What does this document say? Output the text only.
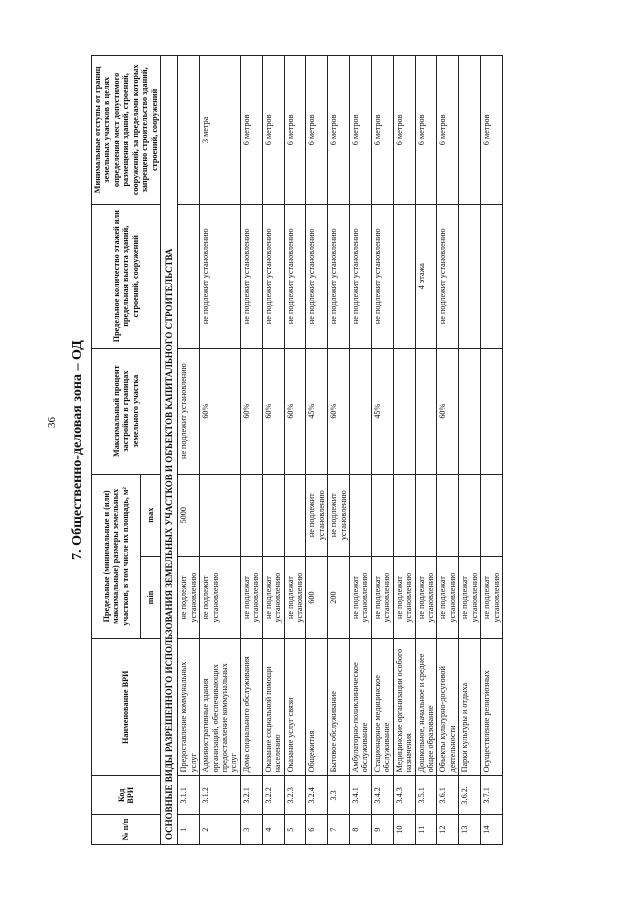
36 7. Общественно-деловая зона – ОД
№ п/п	Код ВРИ	Наименование ВРИ	Предельные (минимальные и (или) максимальные) размеры земельных участков, в том числе их площадь, м²		Максимальный процент застройки в границах земельного участка	Предельное количество этажей или предельная высота зданий, строений, сооружений	Минимальные отступы от границ земельных участков в целях определения мест допустимого размещения зданий, строений, сооружений, за пределами которых запрещено строительство зданий, строений, сооружений
			min	max			
ОСНОВНЫЕ ВИДЫ РАЗРЕШЕННОГО ИСПОЛЬЗОВАНИЯ ЗЕМЕЛЬНЫХ УЧАСТКОВ И ОБЪЕКТОВ КАПИТАЛЬНОГО СТРОИТЕЛЬСТВА							
1	3.1.1	Предоставление коммунальных услуг	не подлежит установлению	5000	не подлежит установлению		
2	3.1.2	Административные здания организаций, обеспечивающих предоставление коммунальных услуг	не подлежит установлению		60%	не подлежит установлению	3 метра
3	3.2.1	Дома социального обслуживания	не подлежат установлению		60%	не подлежит установлению	6 метров
4	3.2.2	Оказание социальной помощи населению	не подлежат установлению		60%	не подлежит установлению	6 метров
5	3.2.3	Оказание услуг связи	не подлежат установлению		60%	не подлежит установлению	6 метров
6	3.2.4	Общежития	600	не подлежит установлению	45%	не подлежит установлению	6 метров
7	3.3	Бытовое обслуживание	200	не подлежит установлению	60%	не подлежит установлению	6 метров
8	3.4.1	Амбулаторно-поликлиническое обслуживание	не подлежат установлению			не подлежит установлению	6 метров
9	3.4.2	Стационарное медицинское обслуживание	не подлежат установлению		45%	не подлежит установлению	6 метров
10	3.4.3	Медицинские организации особого назначения	не подлежат установлению				6 метров
11	3.5.1	Дошкольное, начальное и среднее общее образование	не подлежат установлению			4 этажа	6 метров
12	3.6.1	Объекты культурно-досуговой деятельности	не подлежат установлению		60%	не подлежит установлению	6 метров
13	3.6.2.	Парки культуры и отдыха	не подлежат установлению				
14	3.7.1	Осуществление религиозных	не подлежат установлению				6 метров
